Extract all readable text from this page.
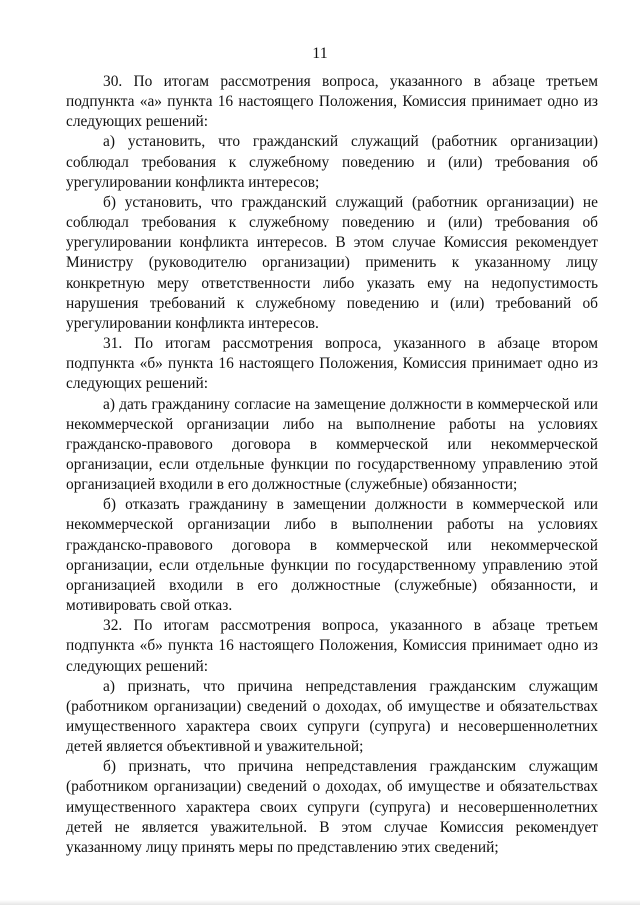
11

30. По итогам рассмотрения вопроса, указанного в абзаце третьем подпункта «а» пункта 16 настоящего Положения, Комиссия принимает одно из следующих решений:

а) установить, что гражданский служащий (работник организации) соблюдал требования к служебному поведению и (или) требования об урегулировании конфликта интересов;

б) установить, что гражданский служащий (работник организации) не соблюдал требования к служебному поведению и (или) требования об урегулировании конфликта интересов. В этом случае Комиссия рекомендует Министру (руководителю организации) применить к указанному лицу конкретную меру ответственности либо указать ему на недопустимость нарушения требований к служебному поведению и (или) требований об урегулировании конфликта интересов.

31. По итогам рассмотрения вопроса, указанного в абзаце втором подпункта «б» пункта 16 настоящего Положения, Комиссия принимает одно из следующих решений:

а) дать гражданину согласие на замещение должности в коммерческой или некоммерческой организации либо на выполнение работы на условиях гражданско-правового договора в коммерческой или некоммерческой организации, если отдельные функции по государственному управлению этой организацией входили в его должностные (служебные) обязанности;

б) отказать гражданину в замещении должности в коммерческой или некоммерческой организации либо в выполнении работы на условиях гражданско-правового договора в коммерческой или некоммерческой организации, если отдельные функции по государственному управлению этой организацией входили в его должностные (служебные) обязанности, и мотивировать свой отказ.

32. По итогам рассмотрения вопроса, указанного в абзаце третьем подпункта «б» пункта 16 настоящего Положения, Комиссия принимает одно из следующих решений:

а) признать, что причина непредставления гражданским служащим (работником организации) сведений о доходах, об имуществе и обязательствах имущественного характера своих супруги (супруга) и несовершеннолетних детей является объективной и уважительной;

б) признать, что причина непредставления гражданским служащим (работником организации) сведений о доходах, об имуществе и обязательствах имущественного характера своих супруги (супруга) и несовершеннолетних детей не является уважительной. В этом случае Комиссия рекомендует указанному лицу принять меры по представлению этих сведений;
